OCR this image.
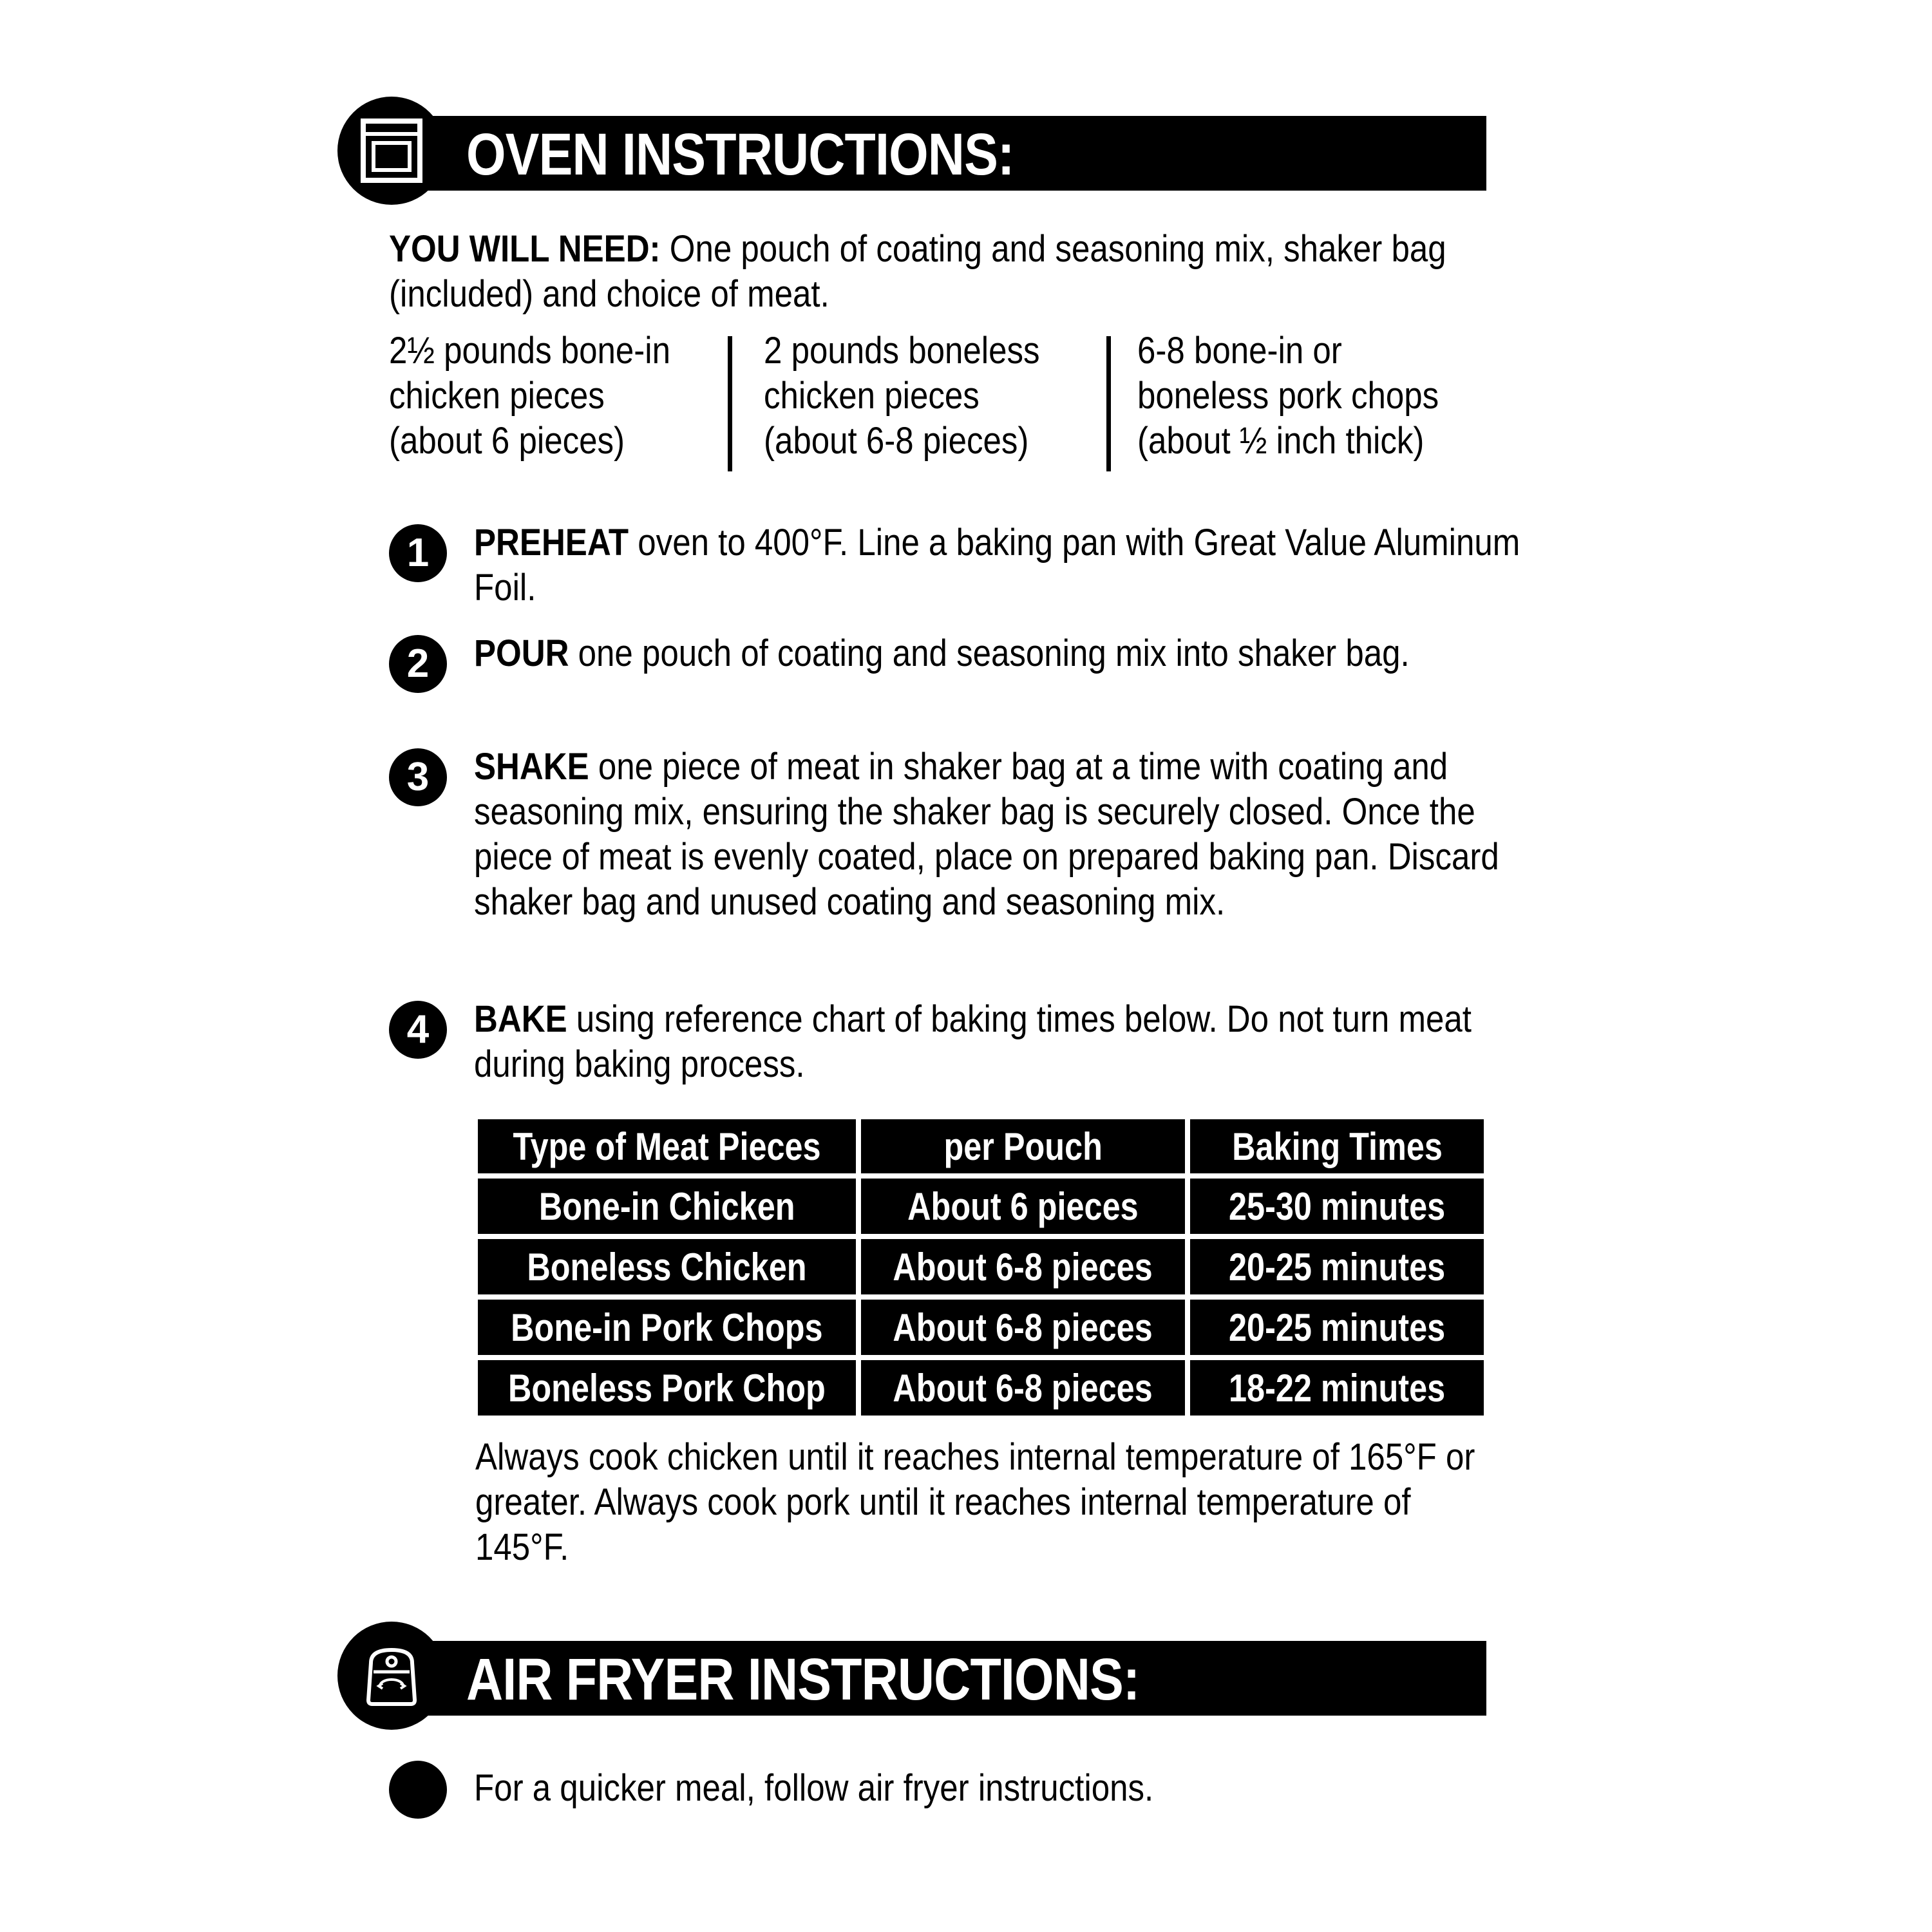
OVEN INSTRUCTIONS:
YOU WILL NEED: One pouch of coating and seasoning mix, shaker bag (included) and choice of meat.
2½ pounds bone-in
chicken pieces
(about 6 pieces)
2 pounds boneless
chicken pieces
(about 6-8 pieces)
6-8 bone-in or
boneless pork chops
(about ½ inch thick)
1	PREHEAT oven to 400°F. Line a baking pan with Great Value Aluminum Foil.
2	POUR one pouch of coating and seasoning mix into shaker bag.
3	SHAKE one piece of meat in shaker bag at a time with coating and seasoning mix, ensuring the shaker bag is securely closed. Once the piece of meat is evenly coated, place on prepared baking pan. Discard shaker bag and unused coating and seasoning mix.
4	BAKE using reference chart of baking times below. Do not turn meat during baking process.
Type of Meat Pieces	per Pouch	Baking Times
Bone-in Chicken	About 6 pieces	25-30 minutes
Boneless Chicken	About 6-8 pieces	20-25 minutes
Bone-in Pork Chops	About 6-8 pieces	20-25 minutes
Boneless Pork Chop	About 6-8 pieces	18-22 minutes
Always cook chicken until it reaches internal temperature of 165°F or greater. Always cook pork until it reaches internal temperature of 145°F.
AIR FRYER INSTRUCTIONS:
For a quicker meal, follow air fryer instructions.
